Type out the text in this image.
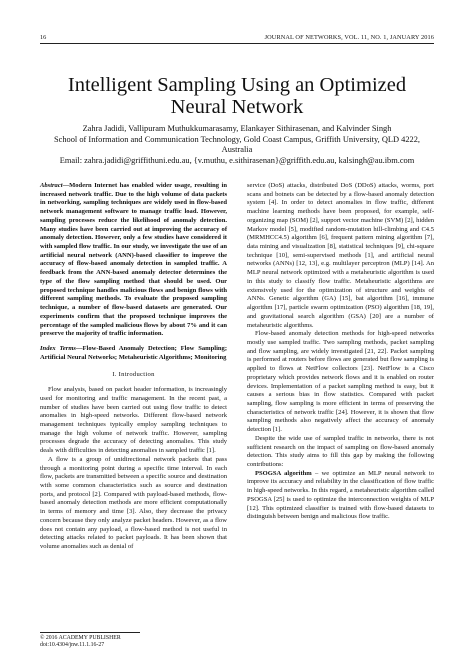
16	JOURNAL OF NETWORKS, VOL. 11, NO. 1, JANUARY 2016
Intelligent Sampling Using an Optimized Neural Network
Zahra Jadidi, Vallipuram Muthukkumarasamy, Elankayer Sithirasenan, and Kalvinder Singh
School of Information and Communication Technology, Gold Coast Campus, Griffith University, QLD 4222, Australia
Email: zahra.jadidi@griffithuni.edu.au, {v.muthu, e.sithirasenan}@griffith.edu.au, kalsingh@au.ibm.com

Abstract—Modern Internet has enabled wider usage, resulting in increased network traffic. Due to the high volume of data packets in networking, sampling techniques are widely used in flow-based network management software to manage traffic load. However, sampling processes reduce the likelihood of anomaly detection. Many studies have been carried out at improving the accuracy of anomaly detection. However, only a few studies have considered it with sampled flow traffic. In our study, we investigate the use of an artificial neural network (ANN)-based classifier to improve the accuracy of flow-based anomaly detection in sampled traffic. A feedback from the ANN-based anomaly detector determines the type of the flow sampling method that should be used. Our proposed technique handles malicious flows and benign flows with different sampling methods. To evaluate the proposed sampling technique, a number of flow-based datasets are generated. Our experiments confirm that the proposed technique improves the percentage of the sampled malicious flows by about 7% and it can preserve the majority of traffic information.

Index Terms—Flow-Based Anomaly Detection; Flow Sampling; Artificial Neural Networks; Metaheuristic Algorithms; Monitoring

I. Introduction

Flow analysis, based on packet header information, is increasingly used for monitoring and traffic management. In the recent past, a number of studies have been carried out using flow traffic to detect anomalies in high-speed networks. Different flow-based network management techniques typically employ sampling techniques to manage the high volume of network traffic. However, sampling processes degrade the accuracy of detecting anomalies. This study deals with difficulties in detecting anomalies in sampled traffic [1].

A flow is a group of unidirectional network packets that pass through a monitoring point during a specific time interval. In each flow, packets are transmitted between a specific source and destination with some common characteristics such as source and destination ports, and protocol [2]. Compared with payload-based methods, flow-based anomaly detection methods are more efficient computationally in terms of memory and time [3]. Also, they decrease the privacy concern because they only analyze packet headers. However, as a flow does not contain any payload, a flow-based method is not useful in detecting attacks related to packet payloads. It has been shown that volume anomalies such as denial of

service (DoS) attacks, distributed DoS (DDoS) attacks, worms, port scans and botnets can be detected by a flow-based anomaly detection system [4]. In order to detect anomalies in flow traffic, different machine learning methods have been proposed, for example, self-organizing map (SOM) [2], support vector machine (SVM) [2], hidden Markov model [5], modified random-mutation hill-climbing and C4.5 (MRMHCC4.5) algorithm [6], frequent pattern mining algorithm [7], data mining and visualization [8], statistical techniques [9], chi-square technique [10], semi-supervised methods [1], and artificial neural networks (ANNs) [12, 13], e.g. multilayer perceptron (MLP) [14]. An MLP neural network optimized with a metaheuristic algorithm is used in this study to classify flow traffic. Metaheuristic algorithms are extensively used for the optimization of structure and weights of ANNs. Genetic algorithm (GA) [15], bat algorithm [16], immune algorithm [17], particle swarm optimization (PSO) algorithm [18, 19], and gravitational search algorithm (GSA) [20] are a number of metaheuristic algorithms.

Flow-based anomaly detection methods for high-speed networks mostly use sampled traffic. Two sampling methods, packet sampling and flow sampling, are widely investigated [21, 22]. Packet sampling is performed at routers before flows are generated but flow sampling is applied to flows at NetFlow collectors [23]. NetFlow is a Cisco proprietary which provides network flows and it is enabled on router devices. Implementation of a packet sampling method is easy, but it causes a serious bias in flow statistics. Compared with packet sampling, flow sampling is more efficient in terms of preserving the characteristics of network traffic [24]. However, it is shown that flow sampling methods also negatively affect the accuracy of anomaly detection [1].

Despite the wide use of sampled traffic in networks, there is not sufficient research on the impact of sampling on flow-based anomaly detection. This study aims to fill this gap by making the following contributions:

PSOGSA algorithm – we optimize an MLP neural network to improve its accuracy and reliability in the classification of flow traffic in high-speed networks. In this regard, a metaheuristic algorithm called PSOGSA [25] is used to optimize the interconnection weights of MLP [12]. This optimized classifier is trained with flow-based datasets to distinguish between benign and malicious flow traffic.

© 2016 ACADEMY PUBLISHER
doi:10.4304/jnw.11.1.16-27
